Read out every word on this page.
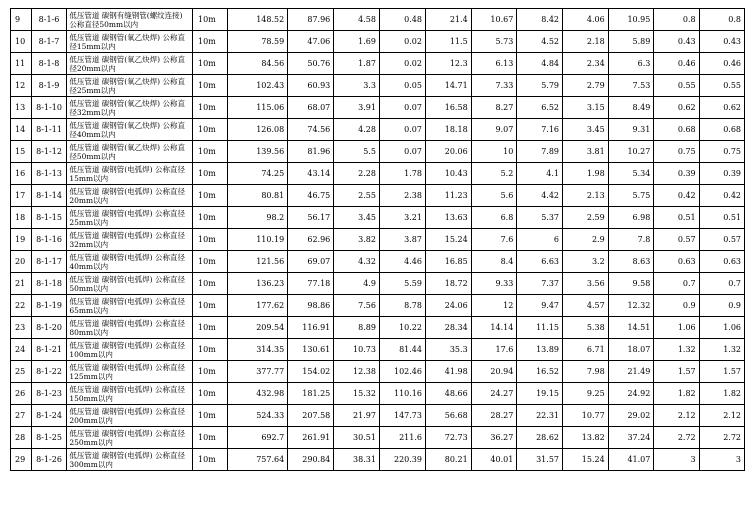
9	8-1-6	低压管道 碳钢有缝钢管(螺纹连接) 公称直径50mm以内	10m	148.52	87.96	4.58	0.48	21.4	10.67	8.42	4.06	10.95	0.8	0.8
10	8-1-7	低压管道 碳钢管(氧乙炔焊) 公称直径15mm以内	10m	78.59	47.06	1.69	0.02	11.5	5.73	4.52	2.18	5.89	0.43	0.43
11	8-1-8	低压管道 碳钢管(氧乙炔焊) 公称直径20mm以内	10m	84.56	50.76	1.87	0.02	12.3	6.13	4.84	2.34	6.3	0.46	0.46
12	8-1-9	低压管道 碳钢管(氧乙炔焊) 公称直径25mm以内	10m	102.43	60.93	3.3	0.05	14.71	7.33	5.79	2.79	7.53	0.55	0.55
13	8-1-10	低压管道 碳钢管(氧乙炔焊) 公称直径32mm以内	10m	115.06	68.07	3.91	0.07	16.58	8.27	6.52	3.15	8.49	0.62	0.62
14	8-1-11	低压管道 碳钢管(氧乙炔焊) 公称直径40mm以内	10m	126.08	74.56	4.28	0.07	18.18	9.07	7.16	3.45	9.31	0.68	0.68
15	8-1-12	低压管道 碳钢管(氧乙炔焊) 公称直径50mm以内	10m	139.56	81.96	5.5	0.07	20.06	10	7.89	3.81	10.27	0.75	0.75
16	8-1-13	低压管道 碳钢管(电弧焊) 公称直径15mm以内	10m	74.25	43.14	2.28	1.78	10.43	5.2	4.1	1.98	5.34	0.39	0.39
17	8-1-14	低压管道 碳钢管(电弧焊) 公称直径20mm以内	10m	80.81	46.75	2.55	2.38	11.23	5.6	4.42	2.13	5.75	0.42	0.42
18	8-1-15	低压管道 碳钢管(电弧焊) 公称直径25mm以内	10m	98.2	56.17	3.45	3.21	13.63	6.8	5.37	2.59	6.98	0.51	0.51
19	8-1-16	低压管道 碳钢管(电弧焊) 公称直径32mm以内	10m	110.19	62.96	3.82	3.87	15.24	7.6	6	2.9	7.8	0.57	0.57
20	8-1-17	低压管道 碳钢管(电弧焊) 公称直径40mm以内	10m	121.56	69.07	4.32	4.46	16.85	8.4	6.63	3.2	8.63	0.63	0.63
21	8-1-18	低压管道 碳钢管(电弧焊) 公称直径50mm以内	10m	136.23	77.18	4.9	5.59	18.72	9.33	7.37	3.56	9.58	0.7	0.7
22	8-1-19	低压管道 碳钢管(电弧焊) 公称直径65mm以内	10m	177.62	98.86	7.56	8.78	24.06	12	9.47	4.57	12.32	0.9	0.9
23	8-1-20	低压管道 碳钢管(电弧焊) 公称直径80mm以内	10m	209.54	116.91	8.89	10.22	28.34	14.14	11.15	5.38	14.51	1.06	1.06
24	8-1-21	低压管道 碳钢管(电弧焊) 公称直径100mm以内	10m	314.35	130.61	10.73	81.44	35.3	17.6	13.89	6.71	18.07	1.32	1.32
25	8-1-22	低压管道 碳钢管(电弧焊) 公称直径125mm以内	10m	377.77	154.02	12.38	102.46	41.98	20.94	16.52	7.98	21.49	1.57	1.57
26	8-1-23	低压管道 碳钢管(电弧焊) 公称直径150mm以内	10m	432.98	181.25	15.32	110.16	48.66	24.27	19.15	9.25	24.92	1.82	1.82
27	8-1-24	低压管道 碳钢管(电弧焊) 公称直径200mm以内	10m	524.33	207.58	21.97	147.73	56.68	28.27	22.31	10.77	29.02	2.12	2.12
28	8-1-25	低压管道 碳钢管(电弧焊) 公称直径250mm以内	10m	692.7	261.91	30.51	211.6	72.73	36.27	28.62	13.82	37.24	2.72	2.72
29	8-1-26	低压管道 碳钢管(电弧焊) 公称直径300mm以内	10m	757.64	290.84	38.31	220.39	80.21	40.01	31.57	15.24	41.07	3	3
